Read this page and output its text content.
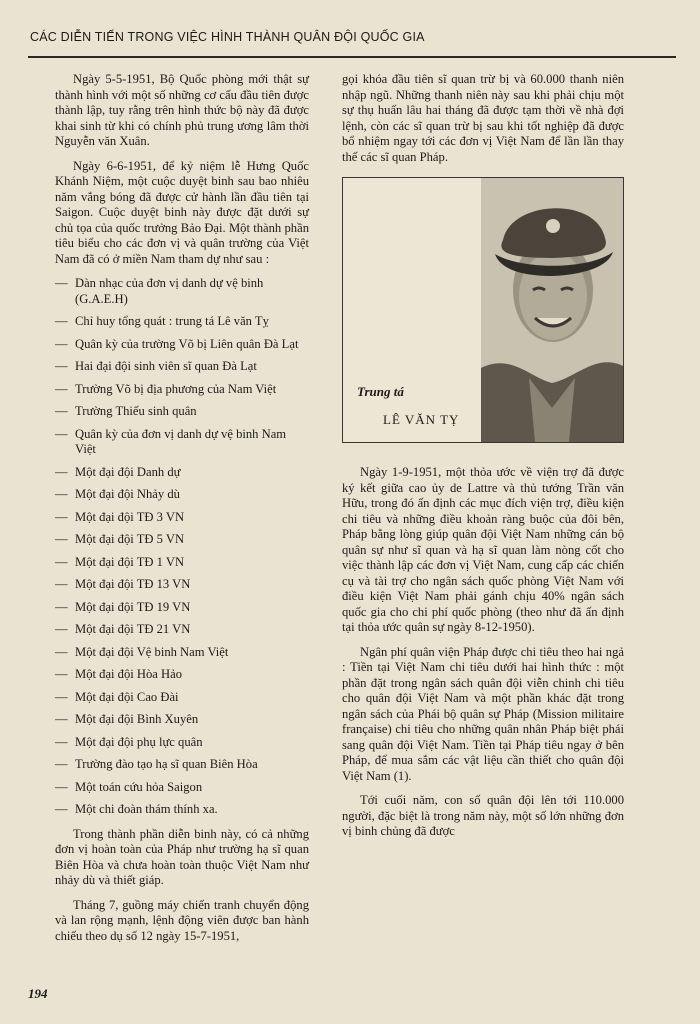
CÁC DIỄN TIẾN TRONG VIỆC HÌNH THÀNH QUÂN ĐỘI QUỐC GIA

Ngày 5-5-1951, Bộ Quốc phòng mới thật sự thành hình với một số những cơ cấu đầu tiên được thành lập, tuy rằng trên hình thức bộ này đã được khai sinh từ khi có chính phủ trung ương lâm thời Nguyễn văn Xuân.

Ngày 6-6-1951, để kỷ niệm lễ Hưng Quốc Khánh Niệm, một cuộc duyệt binh sau bao nhiêu năm vắng bóng đã được cử hành lần đầu tiên tại Saigon. Cuộc duyệt binh này được đặt dưới sự chủ tọa của quốc trưởng Bảo Đại. Một thành phần tiêu biểu cho các đơn vị và quân trường của Việt Nam đã có ở miền Nam tham dự như sau :

— Dàn nhạc của đơn vị danh dự vệ binh (G.A.E.H)
— Chỉ huy tổng quát : trung tá Lê văn Tỵ
— Quân kỳ của trường Võ bị Liên quân Đà Lạt
— Hai đại đội sinh viên sĩ quan Đà Lạt
— Trường Võ bị địa phương của Nam Việt
— Trường Thiếu sinh quân
— Quân kỳ của đơn vị danh dự vệ binh Nam Việt
— Một đại đội Danh dự
— Một đại đội Nhảy dù
— Một đại đội TĐ 3 VN
— Một đại đội TĐ 5 VN
— Một đại đội TĐ 1 VN
— Một đại đội TĐ 13 VN
— Một đại đội TĐ 19 VN
— Một đại đội TĐ 21 VN
— Một đại đội Vệ binh Nam Việt
— Một đại đội Hòa Hảo
— Một đại đội Cao Đài
— Một đại đội Bình Xuyên
— Một đại đội phụ lực quân
— Trường đào tạo hạ sĩ quan Biên Hòa
— Một toán cứu hỏa Saigon
— Một chi đoàn thám thính xa.

Trong thành phần diễn binh này, có cả những đơn vị hoàn toàn của Pháp như trường hạ sĩ quan Biên Hòa và chưa hoàn toàn thuộc Việt Nam như nhảy dù và thiết giáp.

Tháng 7, guồng máy chiến tranh chuyển động và lan rộng mạnh, lệnh động viên được ban hành chiếu theo dụ số 12 ngày 15-7-1951,

gọi khóa đầu tiên sĩ quan trừ bị và 60.000 thanh niên nhập ngũ. Những thanh niên này sau khi phải chịu một sự thụ huấn lâu hai tháng đã được tạm thời về nhà đợi lệnh, còn các sĩ quan trừ bị sau khi tốt nghiệp đã được bổ nhiệm ngay tới các đơn vị Việt Nam để lần lần thay thế các sĩ quan Pháp.

Trung tá
LÊ VĂN TỴ

Ngày 1-9-1951, một thỏa ước về viện trợ đã được ký kết giữa cao ủy de Lattre và thủ tướng Trần văn Hữu, trong đó ấn định các mục đích viện trợ, điều kiện chi tiêu và những điều khoản ràng buộc của đôi bên, Pháp bằng lòng giúp quân đội Việt Nam những cán bộ quân sự như sĩ quan và hạ sĩ quan làm nòng cốt cho việc thành lập các đơn vị Việt Nam, cung cấp các chiến cụ và tài trợ cho ngân sách quốc phòng Việt Nam với điều kiện Việt Nam phải gánh chịu 40% ngân sách quốc gia cho chi phí quốc phòng (theo như đã ấn định tại thỏa ước quân sự ngày 8-12-1950).

Ngân phí quân viện Pháp được chi tiêu theo hai ngả : Tiền tại Việt Nam chi tiêu dưới hai hình thức : một phần đặt trong ngân sách quân đội viễn chinh chi tiêu cho quân đội Việt Nam và một phần khác đặt trong ngân sách của Phái bộ quân sự Pháp (Mission militaire française) chi tiêu cho những quân nhân Pháp biệt phái sang quân đội Việt Nam. Tiền tại Pháp tiêu ngay ở bên Pháp, để mua sắm các vật liệu cần thiết cho quân đội Việt Nam (1).

Tới cuối năm, con số quân đội lên tới 110.000 người, đặc biệt là trong năm này, một số lớn những đơn vị binh chủng đã được

194
